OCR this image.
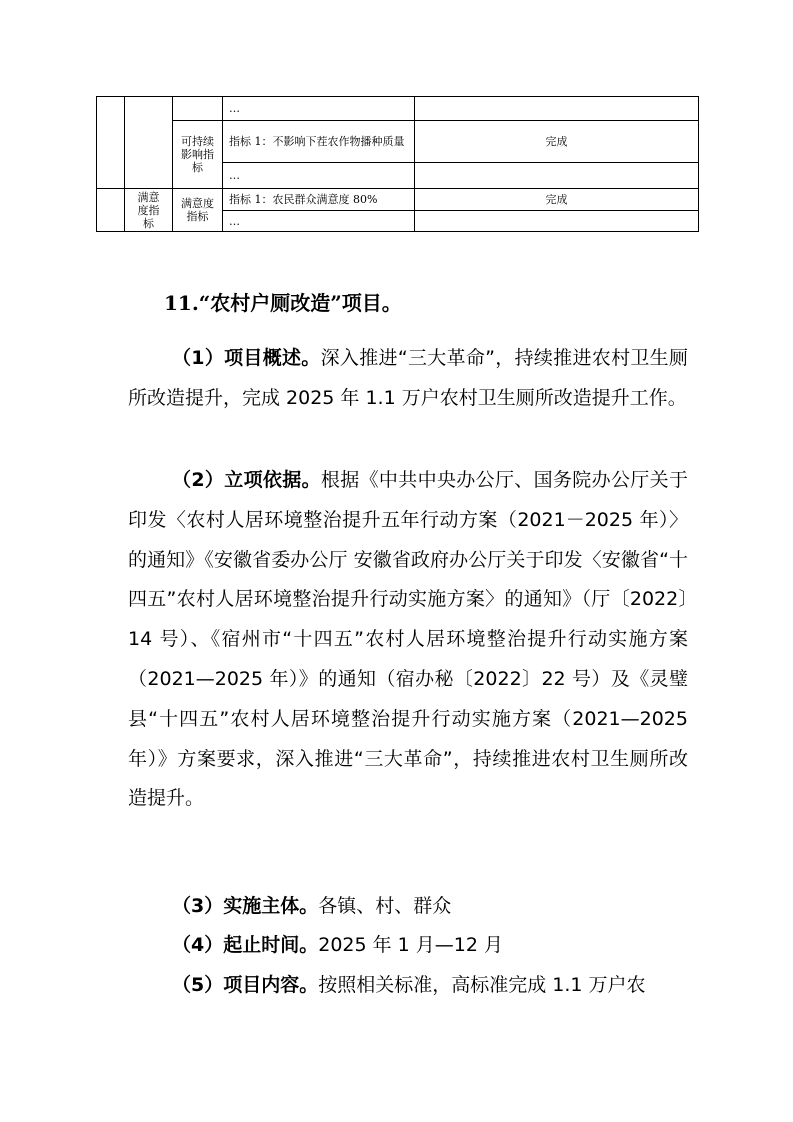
			…	
		可持续影响指标	指标 1：不影响下茬农作物播种质量	完成
			…	
	满意度指标	满意度指标	指标 1：农民群众满意度 80%	完成
			…	
11.“农村户厕改造”项目。

（1）项目概述。深入推进“三大革命”，持续推进农村卫生厕所改造提升，完成 2025 年 1.1 万户农村卫生厕所改造提升工作。

（2）立项依据。根据《中共中央办公厅、国务院办公厅关于印发〈农村人居环境整治提升五年行动方案（2021－2025 年）〉的通知》《安徽省委办公厅 安徽省政府办公厅关于印发〈安徽省“十四五”农村人居环境整治提升行动实施方案〉的通知》（厅〔2022〕14 号）、《宿州市“十四五”农村人居环境整治提升行动实施方案（2021—2025 年）》的通知（宿办秘〔2022〕22 号）及《灵璧县“十四五”农村人居环境整治提升行动实施方案（2021—2025 年）》方案要求，深入推进“三大革命”，持续推进农村卫生厕所改造提升。

（3）实施主体。各镇、村、群众

（4）起止时间。2025 年 1 月—12 月

（5）项目内容。按照相关标准，高标准完成 1.1 万户农
